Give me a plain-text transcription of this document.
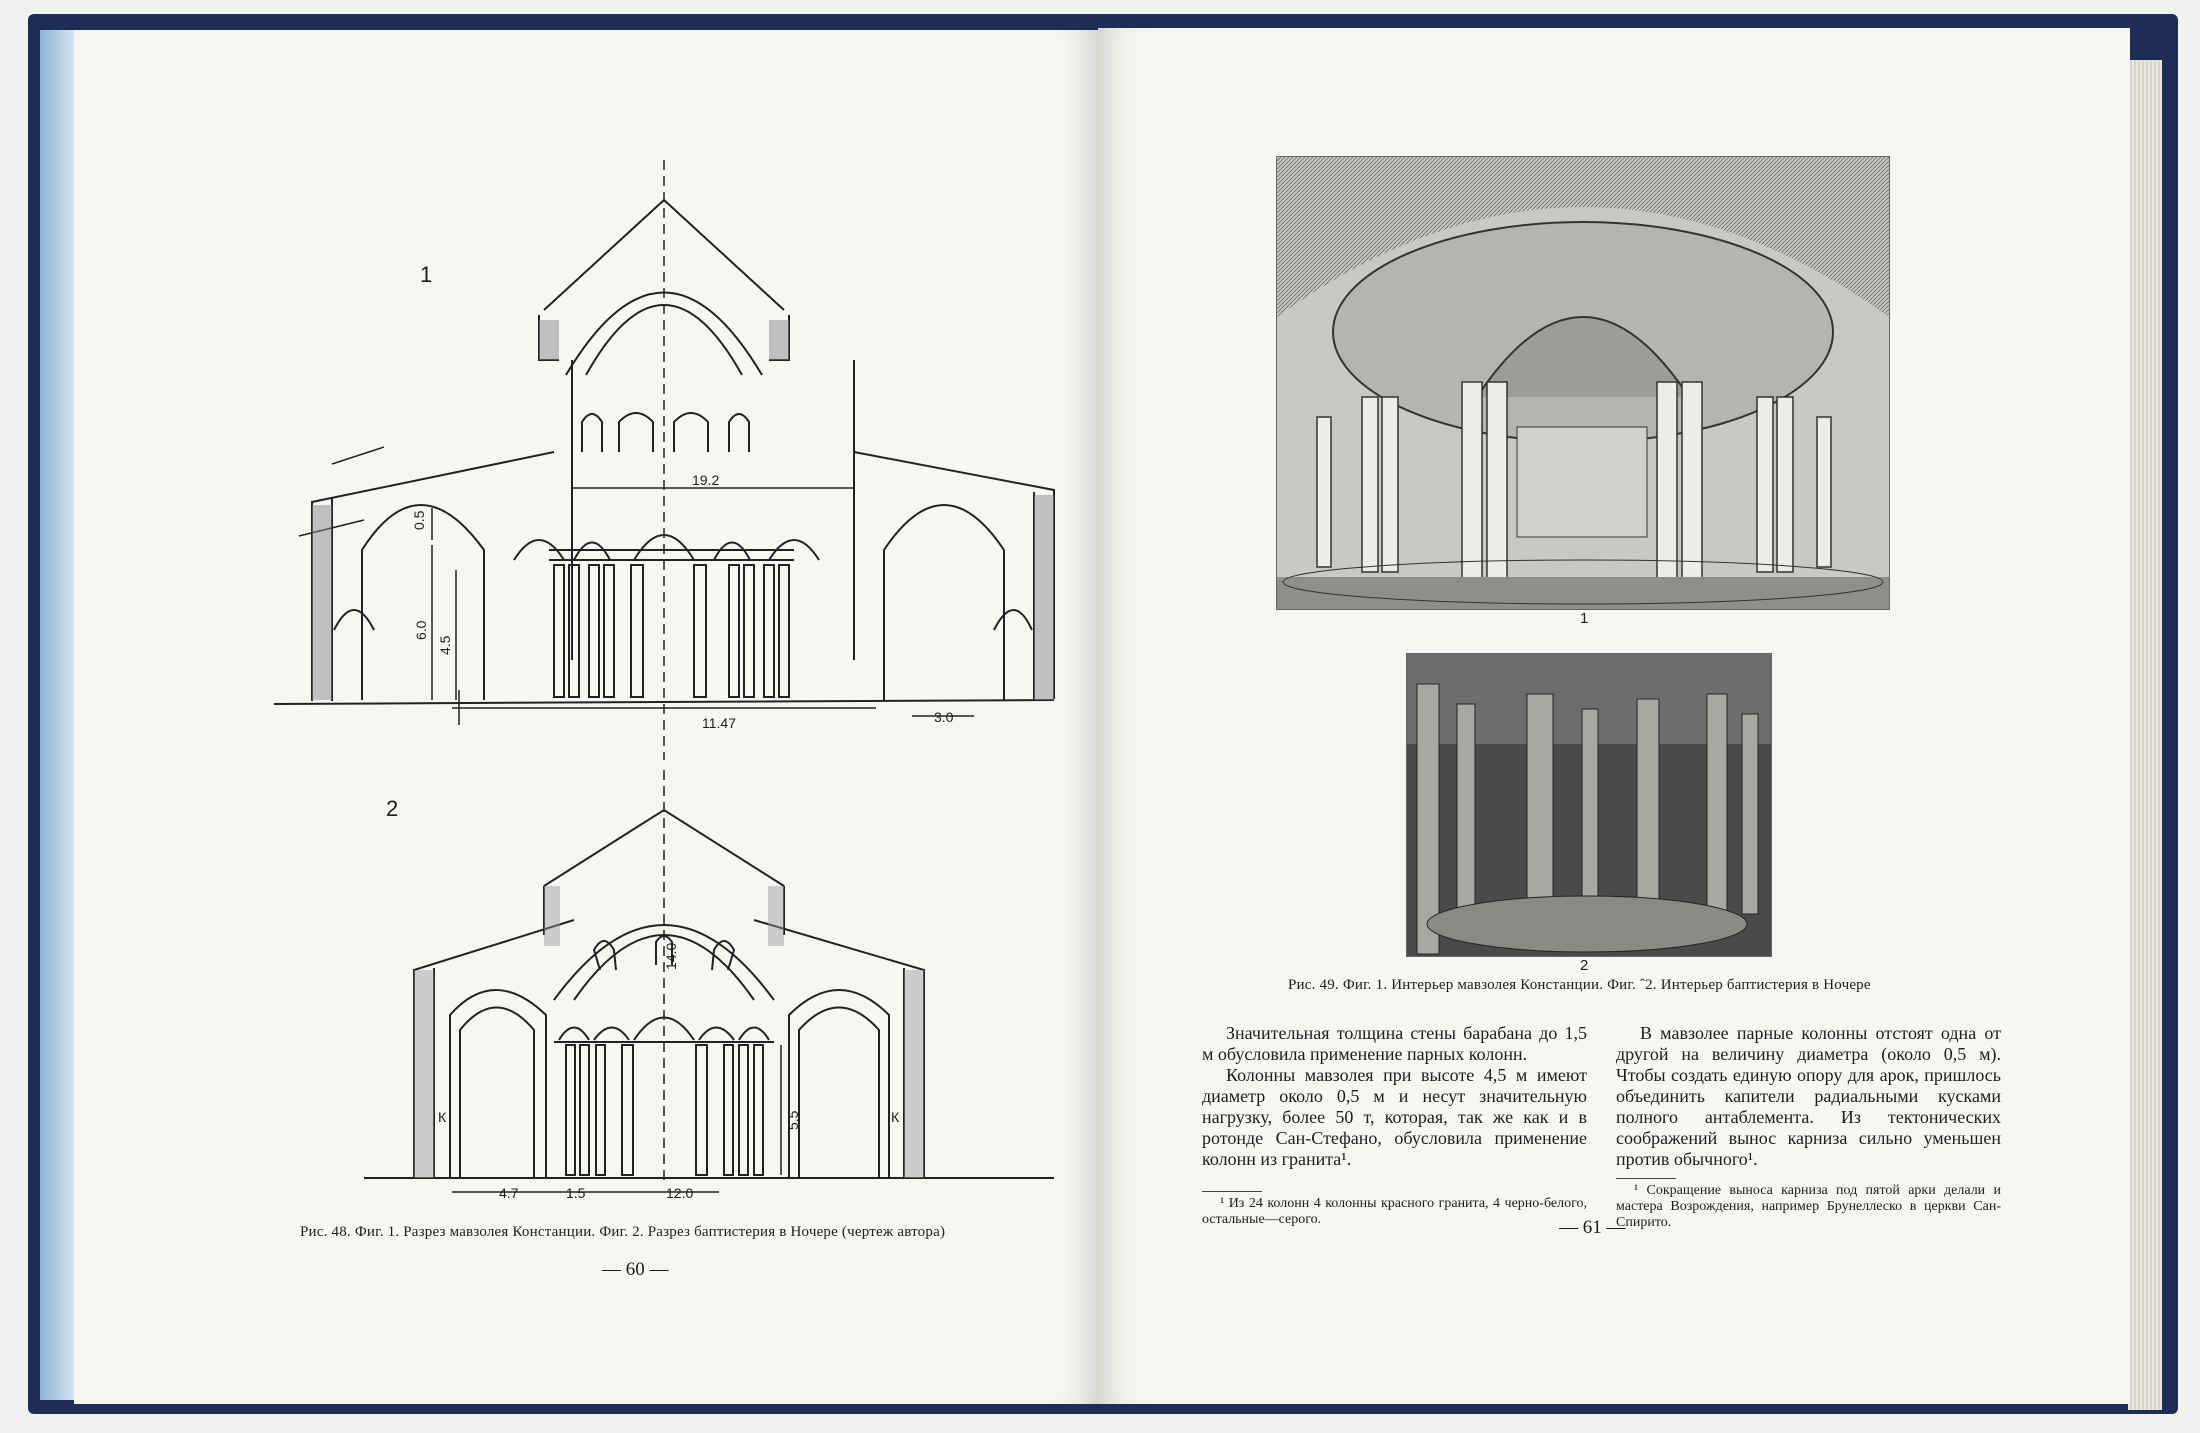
1
2
19.2
11.47	3.0
0.5
6.0
4.5
14.0
5.5
К	К
4.7	1.5	12.0
Рис. 48. Фиг. 1. Разрез мавзолея Констанции. Фиг. 2. Разрез баптистерия в Ночере (чертеж автора)
— 60 —
1
2
Рис. 49. Фиг. 1. Интерьер мавзолея Констанции. Фиг. ˆ2. Интерьер баптистерия в Ночере

Значительная толщина стены барабана до 1,5 м обусловила применение парных колонн.

Колонны мавзолея при высоте 4,5 м имеют диаметр около 0,5 м и несут значительную нагрузку, более 50 т, которая, так же как и в ротонде Сан-Стефано, обусловила применение колонн из гранита¹.

В мавзолее парные колонны отстоят одна от другой на величину диаметра (около 0,5 м). Чтобы создать единую опору для арок, пришлось объединить капители радиальными кусками полного антаблемента. Из тектонических соображений вынос карниза сильно уменьшен против обычного¹.

¹ Из 24 колонн 4 колонны красного гранита, 4 черно-белого, остальные—серого.

¹ Сокращение выноса карниза под пятой арки делали и мастера Возрождения, например Брунеллеско в церкви Сан-Спирито.

— 61 —
